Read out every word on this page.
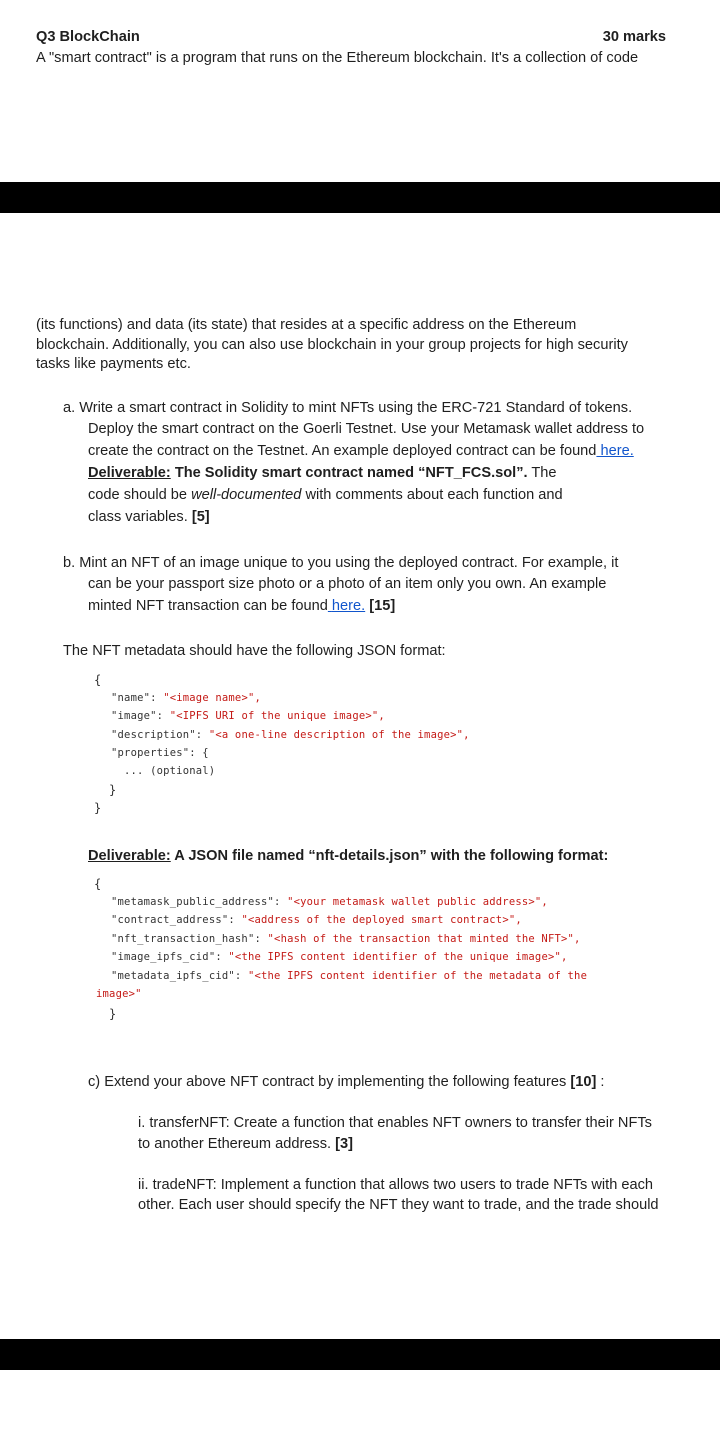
Q3 BlockChain	30 marks
A "smart contract" is a program that runs on the Ethereum blockchain. It's a collection of code
(its functions) and data (its state) that resides at a specific address on the Ethereum
blockchain. Additionally, you can also use blockchain in your group projects for high security
tasks like payments etc.
a. Write a smart contract in Solidity to mint NFTs using the ERC-721 Standard of tokens.
Deploy the smart contract on the Goerli Testnet. Use your Metamask wallet address to
create the contract on the Testnet. An example deployed contract can be found here.
Deliverable: The Solidity smart contract named “NFT_FCS.sol”. The
code should be well-documented with comments about each function and
class variables. [5]
b. Mint an NFT of an image unique to you using the deployed contract. For example, it
can be your passport size photo or a photo of an item only you own. An example
minted NFT transaction can be found here. [15]
The NFT metadata should have the following JSON format:
{
"name": "<image name>",
"image": "<IPFS URI of the unique image>",
"description": "<a one-line description of the image>",
"properties": {
... (optional)
}
}
Deliverable: A JSON file named “nft-details.json” with the following format:
{
"metamask_public_address": "<your metamask wallet public address>",
"contract_address": "<address of the deployed smart contract>",
"nft_transaction_hash": "<hash of the transaction that minted the NFT>",
"image_ipfs_cid": "<the IPFS content identifier of the unique image>",
"metadata_ipfs_cid": "<the IPFS content identifier of the metadata of the
image>"
}
c) Extend your above NFT contract by implementing the following features [10] :
i. transferNFT: Create a function that enables NFT owners to transfer their NFTs
to another Ethereum address. [3]
ii. tradeNFT: Implement a function that allows two users to trade NFTs with each
other. Each user should specify the NFT they want to trade, and the trade should
